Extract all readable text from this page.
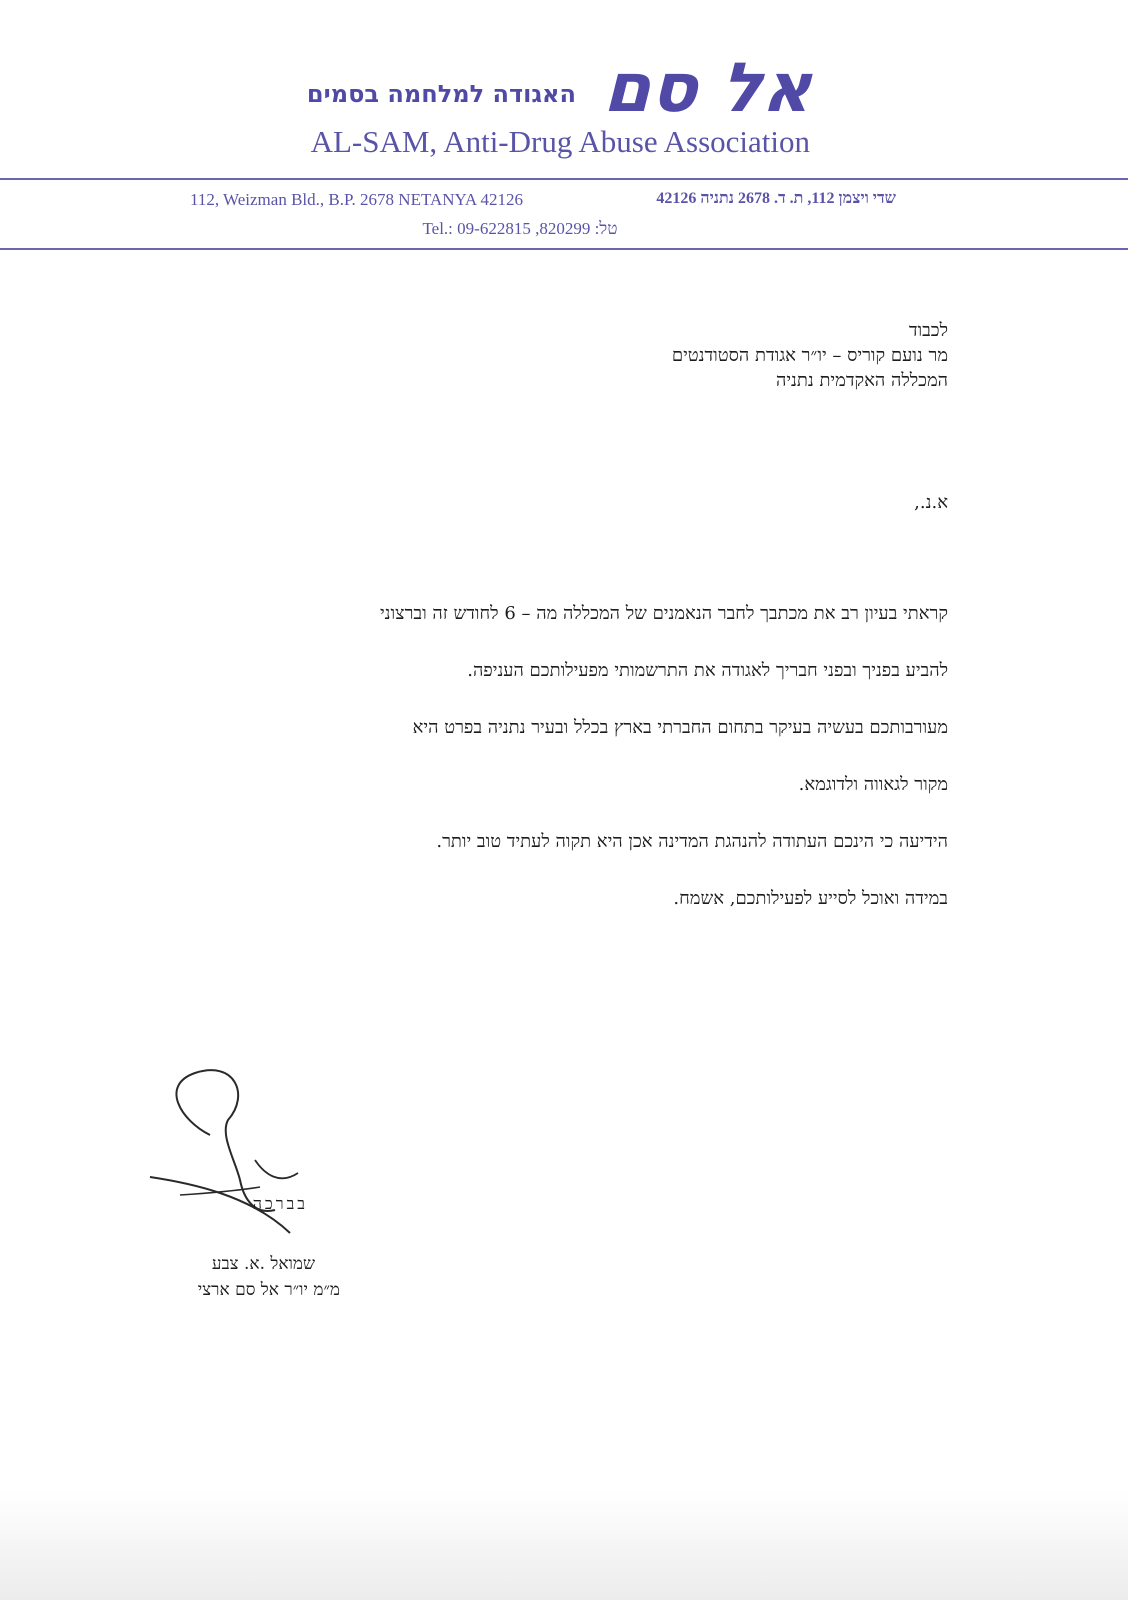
אל סם
האגודה למלחמה בסמים
AL-SAM, Anti-Drug Abuse Association
112, Weizman Bld., B.P. 2678 NETANYA 42126	שדי ויצמן 112, ת. ד. 2678 נתניה 42126
Tel.: 09-622815 ,820299 :טל
לכבוד
מר נועם קוריס – יו״ר אגודת הסטודנטים
המכללה האקדמית נתניה
א.נ.,
קראתי בעיון רב את מכתבך לחבר הנאמנים של המכללה מה – 6 לחודש זה וברצוני
להביע בפניך ובפני חבריך לאגודה את התרשמותי מפעילותכם העניפה.
מעורבותכם בעשיה בעיקר בתחום החברתי בארץ בכלל ובעיר נתניה בפרט היא
מקור לגאווה ולדוגמא.
הידיעה כי הינכם העתודה להנהגת המדינה אכן היא תקוה לעתיד טוב יותר.
במידה ואוכל לסייע לפעילותכם, אשמח.
בברכה
שמואל .א. צבע
מ״מ יו״ר אל סם ארצי
